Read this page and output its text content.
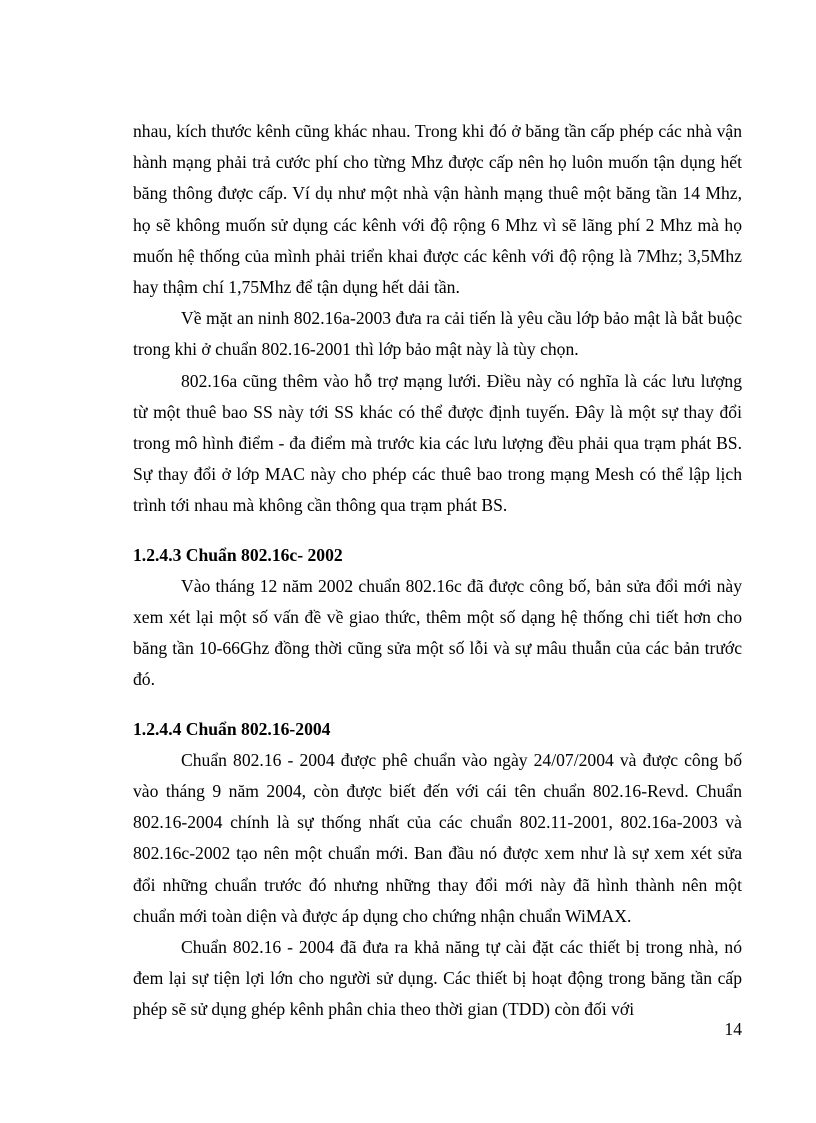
nhau, kích thước kênh cũng khác nhau. Trong khi đó ở băng tần cấp phép các nhà vận hành mạng phải trả cước phí cho từng Mhz được cấp nên họ luôn muốn tận dụng hết băng thông được cấp. Ví dụ như một nhà vận hành mạng thuê một băng tần 14 Mhz, họ sẽ không muốn sử dụng các kênh với độ rộng 6 Mhz vì sẽ lãng phí 2 Mhz mà họ muốn hệ thống của mình phải triển khai được các kênh với độ rộng là 7Mhz; 3,5Mhz hay thậm chí 1,75Mhz để tận dụng hết dải tần.

Về mặt an ninh 802.16a-2003 đưa ra cải tiến là yêu cầu lớp bảo mật là bắt buộc trong khi ở chuẩn 802.16-2001 thì lớp bảo mật này là tùy chọn.

802.16a cũng thêm vào hỗ trợ mạng lưới. Điều này có nghĩa là các lưu lượng từ một thuê bao SS này tới SS khác có thể được định tuyến. Đây là một sự thay đổi trong mô hình điểm - đa điểm mà trước kia các lưu lượng đều phải qua trạm phát BS. Sự thay đổi ở lớp MAC này cho phép các thuê bao trong mạng Mesh có thể lập lịch trình tới nhau mà không cần thông qua trạm phát BS.

1.2.4.3 Chuẩn 802.16c- 2002

Vào tháng 12 năm 2002 chuẩn 802.16c đã được công bố, bản sửa đổi mới này xem xét lại một số vấn đề về giao thức, thêm một số dạng hệ thống chi tiết hơn cho băng tần 10-66Ghz đồng thời cũng sửa một số lỗi và sự mâu thuẫn của các bản trước đó.

1.2.4.4 Chuẩn 802.16-2004

Chuẩn 802.16 - 2004 được phê chuẩn vào ngày 24/07/2004 và được công bố vào tháng 9 năm 2004, còn được biết đến với cái tên chuẩn 802.16-Revd. Chuẩn 802.16-2004 chính là sự thống nhất của các chuẩn 802.11-2001, 802.16a-2003 và 802.16c-2002 tạo nên một chuẩn mới. Ban đầu nó được xem như là sự xem xét sửa đổi những chuẩn trước đó nhưng những thay đổi mới này đã hình thành nên một chuẩn mới toàn diện và được áp dụng cho chứng nhận chuẩn WiMAX.

Chuẩn 802.16 - 2004 đã đưa ra khả năng tự cài đặt các thiết bị trong nhà, nó đem lại sự tiện lợi lớn cho người sử dụng. Các thiết bị hoạt động trong băng tần cấp phép sẽ sử dụng ghép kênh phân chia theo thời gian (TDD) còn đối với

14
